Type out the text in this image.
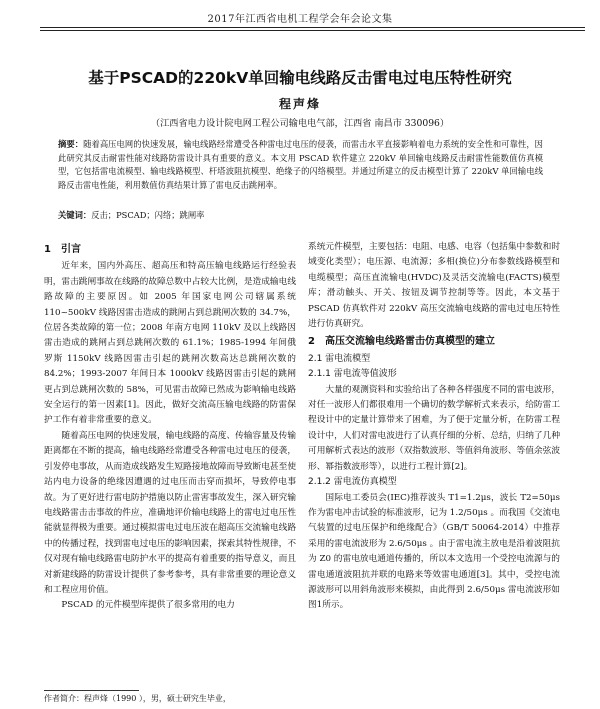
2017年江西省电机工程学会年会论文集
基于PSCAD的220kV单回输电线路反击雷电过电压特性研究
程声烽
（江西省电力设计院电网工程公司输电电气部，江西省 南昌市 330096）
摘要：随着高压电网的快速发展，输电线路经常遭受各种雷电过电压的侵袭，而雷击水平直接影响着电力系统的安全性和可靠性，因此研究其反击耐雷性能对线路防雷设计具有重要的意义。本文用 PSCAD 软件建立 220kV 单回输电线路反击耐雷性能数值仿真模型，它包括雷电流模型、输电线路模型、杆塔波阻抗模型、绝缘子的闪络模型。并通过所建立的反击模型计算了 220kV 单回输电线路反击雷电性能，利用数值仿真结果计算了雷电反击跳闸率。
关键词：反击；PSCAD；闪络；跳闸率
1　引言

近年来，国内外高压、超高压和特高压输电线路运行经验表明，雷击跳闸事故在线路的故障总数中占较大比例，是造成输电线路故障的主要原因。如 2005 年国家电网公司辖属系统 110~500kV 线路因雷击造成的跳闸占到总跳闸次数的 34.7%，位居各类故障的第一位；2008 年南方电网 110kV 及以上线路因雷击造成的跳闸占到总跳闸次数的 61.1%；1985-1994 年间俄罗斯 1150kV 线路因雷击引起的跳闸次数高达总跳闸次数的 84.2%；1993-2007 年间日本 1000kV 线路因雷击引起的跳闸更占到总跳闸次数的 58%，可见雷击故障已然成为影响输电线路安全运行的第一因素[1]。因此，做好交流高压输电线路的防雷保护工作有着非常重要的意义。

随着高压电网的快速发展，输电线路的高度、传输容量及传输距离都在不断的提高，输电线路经常遭受各种雷电过电压的侵袭，引发停电事故，从而造成线路发生短路接地故障而导致断电甚至使站内电力设备的绝缘因遭遇的过电压而击穿而损坏，导致停电事故。为了更好进行雷电防护措施以防止雷害事故发生，深入研究输电线路雷击击事故的件应，准确地评价输电线路上的雷电过电压性能就显得极为重要。通过模拟雷电过电压波在超高压交流输电线路中的传播过程，找到雷电过电压的影响因素，探索其特性规律，不仅对现有输电线路雷电防护水平的提高有着重要的指导意义，而且对新建线路的防雷设计提供了参考参考，具有非常重要的理论意义和工程应用价值。

PSCAD 的元件模型库提供了很多常用的电力

系统元件模型，主要包括：电阻、电感、电容（包括集中参数和时域变化类型）；电压源、电流源；多相(换位)分布参数线路模型和电缆模型；高压直流输电(HVDC)及灵活交流输电(FACTS)模型库；滑动触头、开关、按钮及调节控制等等。因此，本文基于 PSCAD 仿真软件对 220kV 高压交流输电线路的雷电过电压特性进行仿真研究。

2　高压交流输电线路雷击仿真模型的建立
2.1 雷电流模型
2.1.1 雷电流等值波形

大量的观测资料和实验给出了各种各样强度不同的雷电波形，对任一波形人们都很难用一个确切的数学解析式来表示，给防雷工程设计中的定量计算带来了困难，为了便于定量分析，在防雷工程设计中，人们对雷电波进行了认真仔细的分析、总结，归纳了几种可用解析式表达的波形（双指数波形、等值斜角波形、等值余弦波形、幂指数波形等），以进行工程计算[2]。

2.1.2 雷电流仿真模型

国际电工委员会(IEC)推荐波头 T1=1.2μs，波长 T2=50μs 作为雷电冲击试验的标准波形，记为 1.2/50μs 。而我国《交流电气装置的过电压保护和绝缘配合》（GB/T 50064-2014）中推荐采用的雷电流波形为 2.6/50μs 。由于雷电流主放电是沿着波阻抗为 Z0 的雷电放电通道传播的，所以本文选用一个受控电流源与的雷电通道波阻抗并联的电路来等效雷电通道[3]。其中，受控电流源波形可以用斜角波形来模拟，由此得到 2.6/50μs 雷电流波形如图1所示。

作者简介：程声烽（1990 ），男，硕士研究生毕业，
